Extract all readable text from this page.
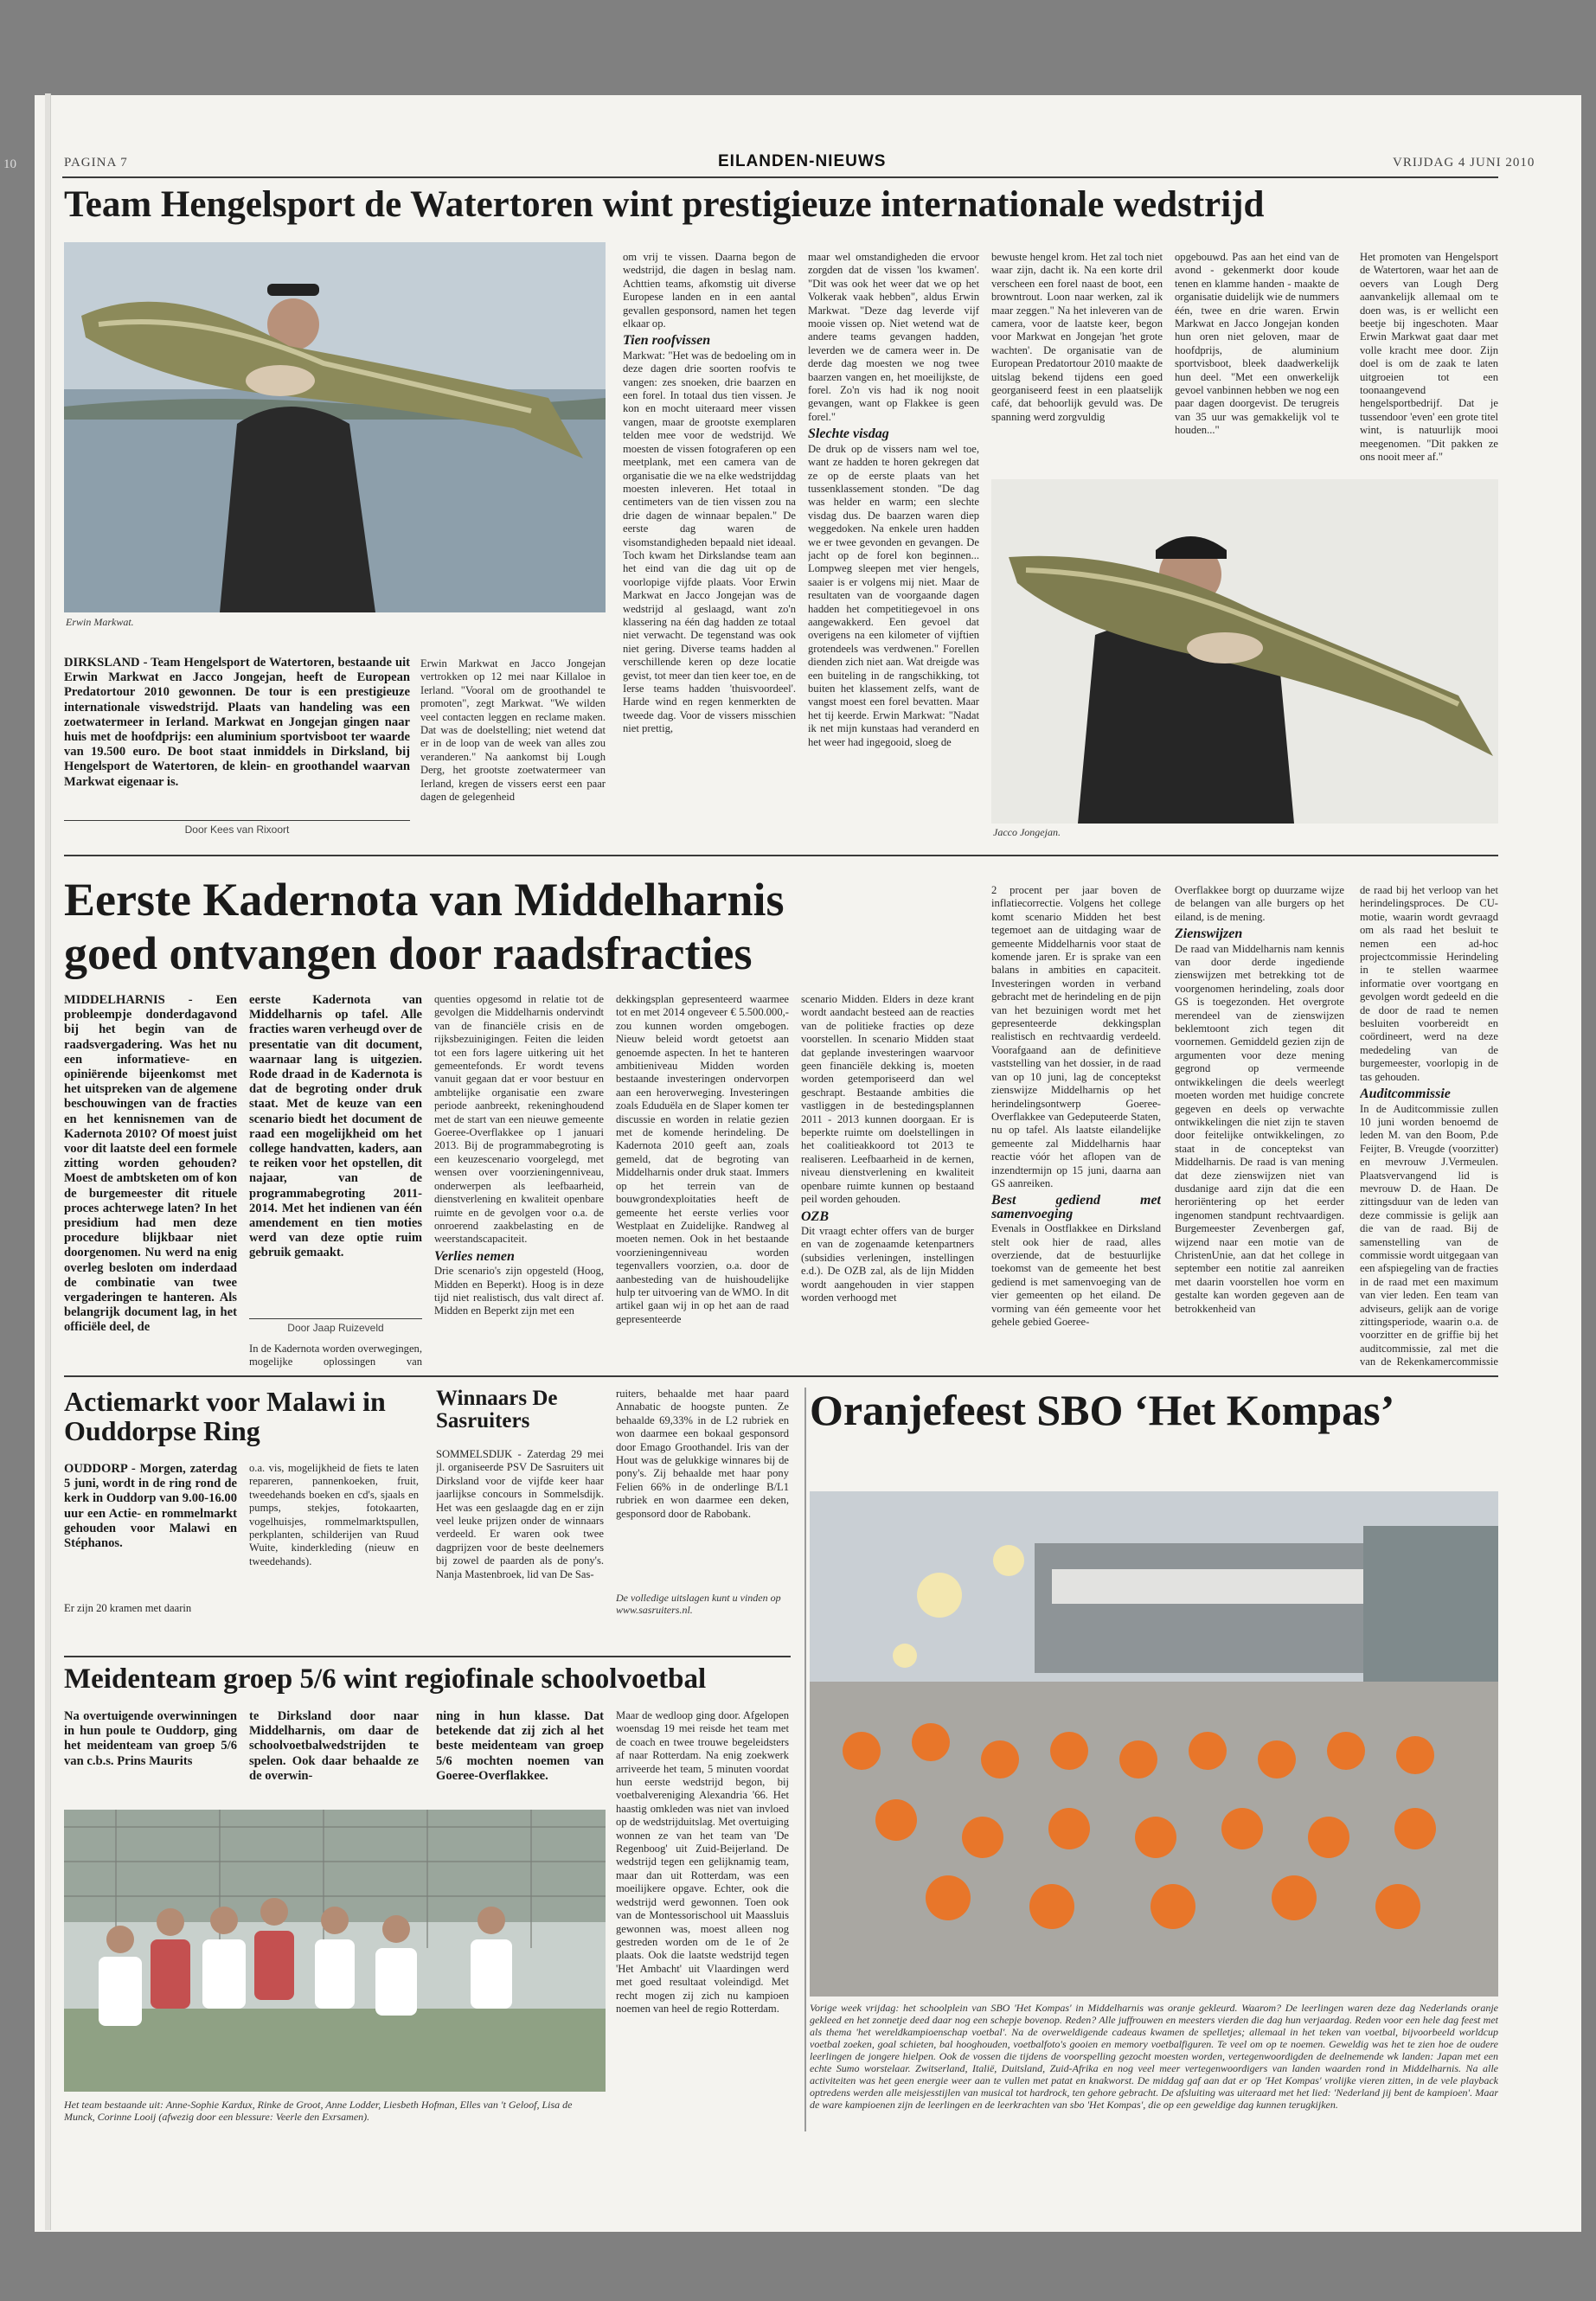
10	PAGINA 7	EILANDEN-NIEUWS	VRIJDAG 4 JUNI 2010
Team Hengelsport de Watertoren wint prestigieuze internationale wedstrijd
Erwin Markwat.
DIRKSLAND - Team Hengelsport de Watertoren, bestaande uit Erwin Markwat en Jacco Jongejan, heeft de European Predatortour 2010 gewonnen. De tour is een prestigieuze internationale viswedstrijd. Plaats van handeling was een zoetwatermeer in Ierland. Markwat en Jongejan gingen naar huis met de hoofdprijs: een aluminium sportvisboot ter waarde van 19.500 euro. De boot staat inmiddels in Dirksland, bij Hengelsport de Watertoren, de klein- en groothandel waarvan Markwat eigenaar is.
Door Kees van Rixoort
Erwin Markwat en Jacco Jongejan vertrokken op 12 mei naar Killaloe in Ierland. "Vooral om de groothandel te promoten", zegt Markwat. "We wilden veel contacten leggen en reclame maken. Dat was de doelstelling; niet wetend dat er in de loop van de week van alles zou veranderen." Na aankomst bij Lough Derg, het grootste zoetwatermeer van Ierland, kregen de vissers eerst een paar dagen de gelegenheid

om vrij te vissen. Daarna begon de wedstrijd, die dagen in beslag nam. Achttien teams, afkomstig uit diverse Europese landen en in een aantal gevallen gesponsord, namen het tegen elkaar op.

Tien roofvissen

Markwat: "Het was de bedoeling om in deze dagen drie soorten roofvis te vangen: zes snoeken, drie baarzen en een forel. In totaal dus tien vissen. Je kon en mocht uiteraard meer vissen vangen, maar de grootste exemplaren telden mee voor de wedstrijd. We moesten de vissen fotograferen op een meetplank, met een camera van de organisatie die we na elke wedstrijddag moesten inleveren. Het totaal in centimeters van de tien vissen zou na drie dagen de winnaar bepalen." De eerste dag waren de visomstandigheden bepaald niet ideaal. Toch kwam het Dirkslandse team aan het eind van die dag uit op de voorlopige vijfde plaats. Voor Erwin Markwat en Jacco Jongejan was de wedstrijd al geslaagd, want zo'n klassering na één dag hadden ze totaal niet verwacht. De tegenstand was ook niet gering. Diverse teams hadden al verschillende keren op deze locatie gevist, tot meer dan tien keer toe, en de Ierse teams hadden 'thuisvoordeel'. Harde wind en regen kenmerkten de tweede dag. Voor de vissers misschien niet prettig,

maar wel omstandigheden die ervoor zorgden dat de vissen 'los kwamen'. "Dit was ook het weer dat we op het Volkerak vaak hebben", aldus Erwin Markwat. "Deze dag leverde vijf mooie vissen op. Niet wetend wat de andere teams gevangen hadden, leverden we de camera weer in. De derde dag moesten we nog twee baarzen vangen en, het moeilijkste, de forel. Zo'n vis had ik nog nooit gevangen, want op Flakkee is geen forel."

Slechte visdag

De druk op de vissers nam wel toe, want ze hadden te horen gekregen dat ze op de eerste plaats van het tussenklassement stonden. "De dag was helder en warm; een slechte visdag dus. De baarzen waren diep weggedoken. Na enkele uren hadden we er twee gevonden en gevangen. De jacht op de forel kon beginnen... Lompweg sleepen met vier hengels, saaier is er volgens mij niet. Maar de resultaten van de voorgaande dagen hadden het competitiegevoel in ons aangewakkerd. Een gevoel dat overigens na een kilometer of vijftien grotendeels was verdwenen." Forellen dienden zich niet aan. Wat dreigde was een buiteling in de rangschikking, tot buiten het klassement zelfs, want de vangst moest een forel bevatten. Maar het tij keerde. Erwin Markwat: "Nadat ik net mijn kunstaas had veranderd en het weer had ingegooid, sloeg de

bewuste hengel krom. Het zal toch niet waar zijn, dacht ik. Na een korte dril verscheen een forel naast de boot, een browntrout. Loon naar werken, zal ik maar zeggen." Na het inleveren van de camera, voor de laatste keer, begon voor Markwat en Jongejan 'het grote wachten'. De organisatie van de European Predatortour 2010 maakte de uitslag bekend tijdens een goed georganiseerd feest in een plaatselijk café, dat behoorlijk gevuld was. De spanning werd zorgvuldig
opgebouwd. Pas aan het eind van de avond - gekenmerkt door koude tenen en klamme handen - maakte de organisatie duidelijk wie de nummers één, twee en drie waren. Erwin Markwat en Jacco Jongejan konden hun oren niet geloven, maar de hoofdprijs, de aluminium sportvisboot, bleek daadwerkelijk hun deel. "Met een onwerkelijk gevoel vanbinnen hebben we nog een paar dagen doorgevist. De terugreis van 35 uur was gemakkelijk vol te houden..."
Het promoten van Hengelsport de Watertoren, waar het aan de oevers van Lough Derg aanvankelijk allemaal om te doen was, is er wellicht een beetje bij ingeschoten. Maar Erwin Markwat gaat daar met volle kracht mee door. Zijn doel is om de zaak te laten uitgroeien tot een toonaangevend hengelsportbedrijf. Dat je tussendoor 'even' een grote titel wint, is natuurlijk mooi meegenomen. "Dit pakken ze ons nooit meer af."
Jacco Jongejan.
Eerste Kadernota van Middelharnis
goed ontvangen door raadsfracties
MIDDELHARNIS - Een probleempje donderdagavond bij het begin van de raadsvergadering. Was het nu een informatieve- en opiniërende bijeenkomst met het uitspreken van de algemene beschouwingen van de fracties en het kennisnemen van de Kadernota 2010? Of moest juist voor dit laatste deel een formele zitting worden gehouden? Moest de ambtsketen om of kon de burgemeester dit rituele proces achterwege laten? In het presidium had men deze procedure blijkbaar niet doorgenomen. Nu werd na enig overleg besloten om inderdaad de combinatie van twee vergaderingen te hanteren. Als belangrijk document lag, in het officiële deel, de
eerste Kadernota van Middelharnis op tafel. Alle fracties waren verheugd over de presentatie van dit document, waarnaar lang is uitgezien. Rode draad in de Kadernota is dat de begroting onder druk staat. Met de keuze van een scenario biedt het document de raad een mogelijkheid om het college handvatten, kaders, aan te reiken voor het opstellen, dit najaar, van de programmabegroting 2011-2014. Met het indienen van één amendement en tien moties werd van deze optie ruim gebruik gemaakt.
Door Jaap Ruizeveld
In de Kadernota worden overwegingen, mogelijke oplossingen van

quenties opgesomd in relatie tot de gevolgen die Middelharnis ondervindt van de financiële crisis en de rijksbezuinigingen. Feiten die leiden tot een fors lagere uitkering uit het gemeentefonds. Er wordt tevens vanuit gegaan dat er voor bestuur en ambtelijke organisatie een zware periode aanbreekt, rekeninghoudend met de start van een nieuwe gemeente Goeree-Overflakkee op 1 januari 2013. Bij de programmabegroting is een keuzescenario voorgelegd, met wensen over voorzieningenniveau, onderwerpen als leefbaarheid, dienstverlening en kwaliteit openbare ruimte en de gevolgen voor o.a. de onroerend zaakbelasting en de weerstandscapaciteit.

Verlies nemen

Drie scenario's zijn opgesteld (Hoog, Midden en Beperkt). Hoog is in deze tijd niet realistisch, dus valt direct af. Midden en Beperkt zijn met een

dekkingsplan gepresenteerd waarmee tot en met 2014 ongeveer € 5.500.000,- zou kunnen worden omgebogen. Nieuw beleid wordt getoetst aan genoemde aspecten. In het te hanteren ambitieniveau Midden worden bestaande investeringen ondervorpen aan een heroverweging. Investeringen zoals Eduduëla en de Slaper komen ter discussie en worden in relatie gezien met de komende herindeling. De Kadernota 2010 geeft aan, zoals gemeld, dat de begroting van Middelharnis onder druk staat. Immers op het terrein van de bouwgrondexploitaties heeft de gemeente het eerste verlies voor Westplaat en Zuidelijke. Randweg al moeten nemen. Ook in het bestaande voorzieningenniveau worden tegenvallers voorzien, o.a. door de aanbesteding van de huishoudelijke hulp ter uitvoering van de WMO. In dit artikel gaan wij in op het aan de raad gepresenteerde

scenario Midden. Elders in deze krant wordt aandacht besteed aan de reacties van de politieke fracties op deze voorstellen. In scenario Midden staat dat geplande investeringen waarvoor geen financiële dekking is, moeten worden getemporiseerd dan wel geschrapt. Bestaande ambities die vastliggen in de bestedingsplannen 2011 - 2013 kunnen doorgaan. Er is beperkte ruimte om doelstellingen in het coalitieakkoord tot 2013 te realiseren. Leefbaarheid in de kernen, niveau dienstverlening en kwaliteit openbare ruimte kunnen op bestaand peil worden gehouden.

OZB

Dit vraagt echter offers van de burger en van de zogenaamde ketenpartners (subsidies verleningen, instellingen e.d.). De OZB zal, als de lijn Midden wordt aangehouden in vier stappen worden verhoogd met

2 procent per jaar boven de inflatiecorrectie. Volgens het college komt scenario Midden het best tegemoet aan de uitdaging waar de gemeente Middelharnis voor staat de komende jaren. Er is sprake van een balans in ambities en capaciteit. Investeringen worden in verband gebracht met de herindeling en de pijn van het bezuinigen wordt met het gepresenteerde dekkingsplan realistisch en rechtvaardig verdeeld. Voorafgaand aan de definitieve vaststelling van het dossier, in de raad van op 10 juni, lag de conceptekst zienswijze Middelharnis op het herindelingsontwerp Goeree-Overflakkee van Gedeputeerde Staten, nu op tafel. Als laatste eilandelijke gemeente zal Middelharnis haar reactie vóór het aflopen van de inzendtermijn op 15 juni, daarna aan GS aanreiken.

Best gediend met samenvoeging

Evenals in Oostflakkee en Dirksland stelt ook hier de raad, alles overziende, dat de bestuurlijke toekomst van de gemeente het best gediend is met samenvoeging van de vier gemeenten op het eiland. De vorming van één gemeente voor het gehele gebied Goeree-

Overflakkee borgt op duurzame wijze de belangen van alle burgers op het eiland, is de mening.

Zienswijzen

De raad van Middelharnis nam kennis van door derde ingediende zienswijzen met betrekking tot de voorgenomen herindeling, zoals door GS is toegezonden. Het overgrote merendeel van de zienswijzen beklemtoont zich tegen dit voornemen. Gemiddeld gezien zijn de argumenten voor deze mening gegrond op vermeende ontwikkelingen die deels weerlegt moeten worden met huidige concrete gegeven en deels op verwachte ontwikkelingen die niet zijn te staven door feitelijke ontwikkelingen, zo staat in de conceptekst van Middelharnis. De raad is van mening dat deze zienswijzen niet van dusdanige aard zijn dat die een heroriëntering op het eerder ingenomen standpunt rechtvaardigen. Burgemeester Zevenbergen gaf, wijzend naar een motie van de ChristenUnie, aan dat het college in september een notitie zal aanreiken met daarin voorstellen hoe vorm en gestalte kan worden gegeven aan de betrokkenheid van

de raad bij het verloop van het herindelingsproces. De CU-motie, waarin wordt gevraagd om als raad het besluit te nemen een ad-hoc projectcommissie Herindeling in te stellen waarmee informatie over voortgang en gevolgen wordt gedeeld en die de door de raad te nemen besluiten voorbereidt en coördineert, werd na deze mededeling van de burgemeester, voorlopig in de tas gehouden.

Auditcommissie

In de Auditcommissie zullen 10 juni worden benoemd de leden M. van den Boom, P.de Feijter, B. Vreugde (voorzitter) en mevrouw J.Vermeulen. Plaatsvervangend lid is mevrouw D. de Haan. De zittingsduur van de leden van deze commissie is gelijk aan die van de raad. Bij de samenstelling van de commissie wordt uitgegaan van een afspiegeling van de fracties in de raad met een maximum van vier leden. Een team van adviseurs, gelijk aan de vorige zittingsperiode, waarin o.a. de voorzitter en de griffie bij het auditcommissie, zal met die van de Rekenkamercommissie

Actiemarkt voor Malawi in Ouddorpse Ring
OUDDORP - Morgen, zaterdag 5 juni, wordt in de ring rond de kerk in Ouddorp van 9.00-16.00 uur een Actie- en rommelmarkt gehouden voor Malawi en Stéphanos.
Er zijn 20 kramen met daarin
o.a. vis, mogelijkheid de fiets te laten repareren, pannenkoeken, fruit, tweedehands boeken en cd's, sjaals en pumps, stekjes, fotokaarten, vogelhuisjes, rommelmarktspullen, perkplanten, schilderijen van Ruud Wuite, kinderkleding (nieuw en tweedehands).
Winnaars De Sasruiters
SOMMELSDIJK - Zaterdag 29 mei jl. organiseerde PSV De Sasruiters uit Dirksland voor de vijfde keer haar jaarlijkse concours in Sommelsdijk. Het was een geslaagde dag en er zijn veel leuke prijzen onder de winnaars verdeeld. Er waren ook twee dagprijzen voor de beste deelnemers bij zowel de paarden als de pony's. Nanja Mastenbroek, lid van De Sas-
ruiters, behaalde met haar paard Annabatic de hoogste punten. Ze behaalde 69,33% in de L2 rubriek en won daarmee een bokaal gesponsord door Emago Groothandel. Iris van der Hout was de gelukkige winnares bij de pony's. Zij behaalde met haar pony Felien 66% in de onderlinge B/L1 rubriek en won daarmee een deken, gesponsord door de Rabobank.
De volledige uitslagen kunt u vinden op www.sasruiters.nl.
Meidenteam groep 5/6 wint regiofinale schoolvoetbal
Na overtuigende overwinningen in hun poule te Ouddorp, ging het meidenteam van groep 5/6 van c.b.s. Prins Maurits
te Dirksland door naar Middelharnis, om daar de schoolvoetbalwedstrijden te spelen. Ook daar behaalde ze de overwin-
ning in hun klasse. Dat betekende dat zij zich al het beste meidenteam van groep 5/6 mochten noemen van Goeree-Overflakkee.
Maar de wedloop ging door. Afgelopen woensdag 19 mei reisde het team met de coach en twee trouwe begeleidsters af naar Rotterdam. Na enig zoekwerk arriveerde het team, 5 minuten voordat hun eerste wedstrijd begon, bij voetbalvereniging Alexandria '66. Het haastig omkleden was niet van invloed op de wedstrijduitslag. Met overtuiging wonnen ze van het team van 'De Regenboog' uit Zuid-Beijerland. De wedstrijd tegen een gelijknamig team, maar dan uit Rotterdam, was een moeilijkere opgave. Echter, ook die wedstrijd werd gewonnen. Toen ook van de Montessorischool uit Maassluis gewonnen was, moest alleen nog gestreden worden om de 1e of 2e plaats. Ook die laatste wedstrijd tegen 'Het Ambacht' uit Vlaardingen werd met goed resultaat voleindigd. Met recht mogen zij zich nu kampioen noemen van heel de regio Rotterdam.
Het team bestaande uit: Anne-Sophie Kardux, Rinke de Groot, Anne Lodder, Liesbeth Hofman, Elles van 't Geloof, Lisa de Munck, Corinne Looij (afwezig door een blessure: Veerle den Exrsamen).
Oranjefeest SBO ‘Het Kompas’
Vorige week vrijdag: het schoolplein van SBO 'Het Kompas' in Middelharnis was oranje gekleurd. Waarom? De leerlingen waren deze dag Nederlands oranje gekleed en het zonnetje deed daar nog een schepje bovenop. Reden? Alle juffrouwen en meesters vierden die dag hun verjaardag. Reden voor een hele dag feest met als thema 'het wereldkampioenschap voetbal'. Na de overweldigende cadeaus kwamen de spelletjes; allemaal in het teken van voetbal, bijvoorbeeld worldcup voetbal zoeken, goal schieten, bal hooghouden, voetbalfoto's gooien en memory voetbalfiguren. Te veel om op te noemen. Geweldig was het te zien hoe de oudere leerlingen de jongere hielpen. Ook de vossen die tijdens de voorspelling gezocht moesten worden, vertegenwoordigden de deelnemende wk landen: Japan met een echte Sumo worstelaar. Zwitserland, Italië, Duitsland, Zuid-Afrika en nog veel meer vertegenwoordigers van landen waarden rond in Middelharnis. Na alle activiteiten was het geen energie weer aan te vullen met patat en knakworst. De middag gaf aan dat er op 'Het Kompas' vrolijke vieren zitten, in de vele playback optredens werden alle meisjesstijlen van musical tot hardrock, ten gehore gebracht. De afsluiting was uiteraard met het lied: 'Nederland jij bent de kampioen'. Maar de ware kampioenen zijn de leerlingen en de leerkrachten van sbo 'Het Kompas', die op een geweldige dag kunnen terugkijken.
